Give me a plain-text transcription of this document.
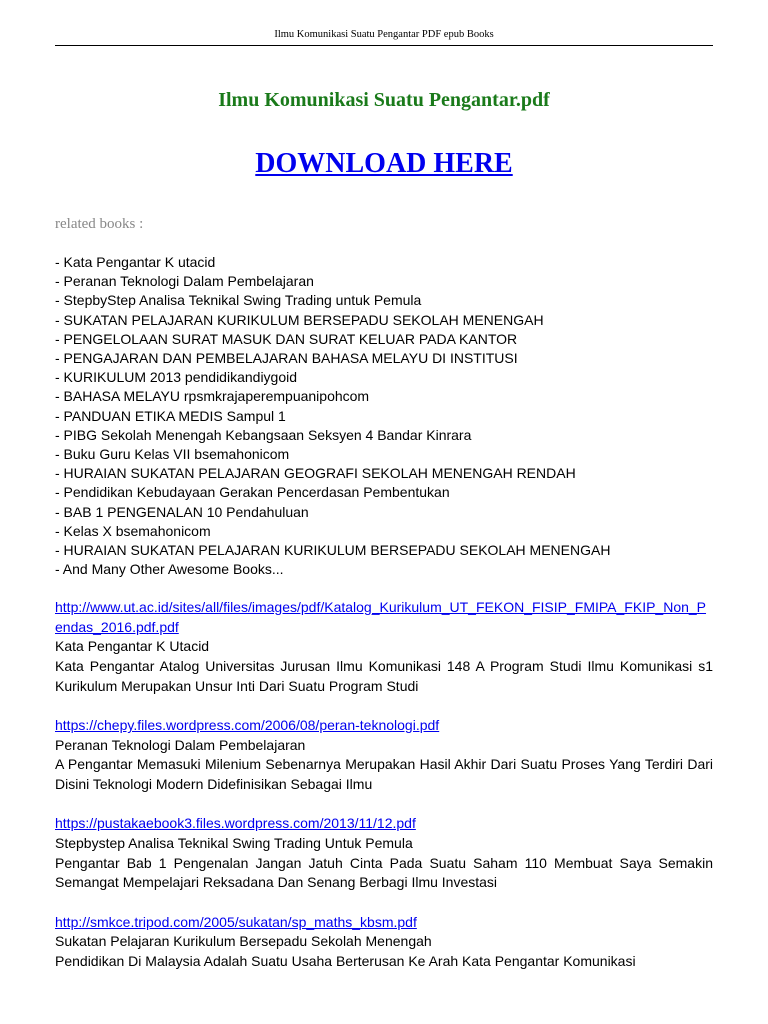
Ilmu Komunikasi Suatu Pengantar PDF epub Books
Ilmu Komunikasi Suatu Pengantar.pdf
DOWNLOAD HERE
related books :
- Kata Pengantar K utacid
- Peranan Teknologi Dalam Pembelajaran
- StepbyStep Analisa Teknikal Swing Trading untuk Pemula
- SUKATAN PELAJARAN KURIKULUM BERSEPADU SEKOLAH MENENGAH
- PENGELOLAAN SURAT MASUK DAN SURAT KELUAR PADA KANTOR
- PENGAJARAN DAN PEMBELAJARAN BAHASA MELAYU DI INSTITUSI
- KURIKULUM 2013 pendidikandiygoid
- BAHASA MELAYU rpsmkrajaperempuanipohcom
- PANDUAN ETIKA MEDIS Sampul 1
- PIBG Sekolah Menengah Kebangsaan Seksyen 4 Bandar Kinrara
- Buku Guru Kelas VII bsemahonicom
- HURAIAN SUKATAN PELAJARAN GEOGRAFI SEKOLAH MENENGAH RENDAH
- Pendidikan Kebudayaan Gerakan Pencerdasan Pembentukan
- BAB 1 PENGENALAN 10 Pendahuluan
- Kelas X bsemahonicom
- HURAIAN SUKATAN PELAJARAN KURIKULUM BERSEPADU SEKOLAH MENENGAH
- And Many Other Awesome Books...
http://www.ut.ac.id/sites/all/files/images/pdf/Katalog_Kurikulum_UT_FEKON_FISIP_FMIPA_FKIP_Non_Pendas_2016.pdf.pdf
Kata Pengantar K Utacid
Kata Pengantar Atalog Universitas Jurusan Ilmu Komunikasi 148 A Program Studi Ilmu Komunikasi s1 Kurikulum Merupakan Unsur Inti Dari Suatu Program Studi
https://chepy.files.wordpress.com/2006/08/peran-teknologi.pdf
Peranan Teknologi Dalam Pembelajaran
A Pengantar Memasuki Milenium Sebenarnya Merupakan Hasil Akhir Dari Suatu Proses Yang Terdiri Dari Disini Teknologi Modern Didefinisikan Sebagai Ilmu
https://pustakaebook3.files.wordpress.com/2013/11/12.pdf
Stepbystep Analisa Teknikal Swing Trading Untuk Pemula
Pengantar Bab 1 Pengenalan Jangan Jatuh Cinta Pada Suatu Saham 110 Membuat Saya Semakin Semangat Mempelajari Reksadana Dan Senang Berbagi Ilmu Investasi
http://smkce.tripod.com/2005/sukatan/sp_maths_kbsm.pdf
Sukatan Pelajaran Kurikulum Bersepadu Sekolah Menengah
Pendidikan Di Malaysia Adalah Suatu Usaha Berterusan Ke Arah Kata Pengantar Komunikasi
